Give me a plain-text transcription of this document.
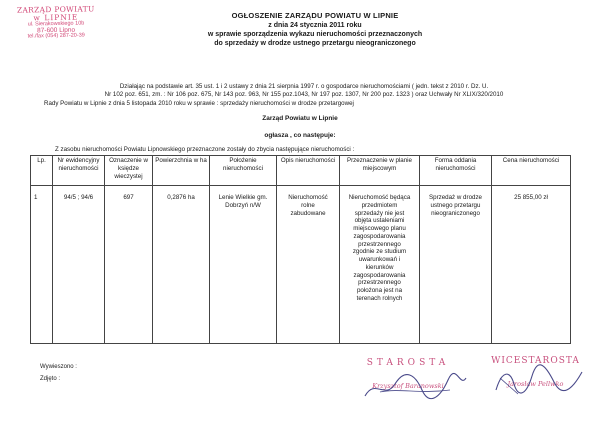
ZARZĄD POWIATU
w LIPNIE
ul. Sierakowskiego 10b
87-600 Lipno
tel./fax (054) 287-20-39
OGŁOSZENIE ZARZĄDU POWIATU W LIPNIE
z dnia 24 stycznia 2011 roku
w sprawie sporządzenia wykazu nieruchomości przeznaczonych
do sprzedaży w drodze ustnego przetargu nieograniczonego
Działając na podstawie art. 35 ust. 1 i 2 ustawy z dnia 21 sierpnia 1997 r. o gospodarce nieruchomościami ( jedn. tekst z 2010 r. Dz. U.
Nr 102 poz. 651, zm. : Nr 106 poz. 675, Nr 143 poz. 963, Nr 155 poz.1043, Nr 197 poz. 1307, Nr 200 poz. 1323 ) oraz Uchwały Nr XLIX/320/2010
Rady Powiatu w Lipnie z dnia 5 listopada 2010 roku w sprawie : sprzedaży nieruchomości w drodze przetargowej
Zarząd Powiatu w Lipnie
ogłasza , co następuje:
Z zasobu nieruchomości Powiatu Lipnowskiego przeznaczone zostały do zbycia następujące nieruchomości :
Lp.	Nr ewidencyjny nieruchomości	Oznaczenie w księdze wieczystej	Powierzchnia w ha	Położenie nieruchomości	Opis nieruchomości	Przeznaczenie w planie miejscowym	Forma oddania nieruchomości	Cena nieruchomości
1	94/5 ; 94/6	697	0,2876 ha	Lenie Wielkie gm. Dobrzyń n/W	Nieruchomość rolne zabudowane	Nieruchomość będąca przedmiotem sprzedaży nie jest objęta ustaleniami miejscowego planu zagospodarowania przestrzennego zgodnie ze studium uwarunkowań i kierunków zagospodarowania przestrzennego położona jest na terenach rolnych	Sprzedaż w drodze ustnego przetargu nieograniczonego	25 855,00 zł
Wywieszono :
Zdjęto :
STAROSTA
Krzysztof Baranowski
WICESTAROSTA
Jarosław Pellwko
